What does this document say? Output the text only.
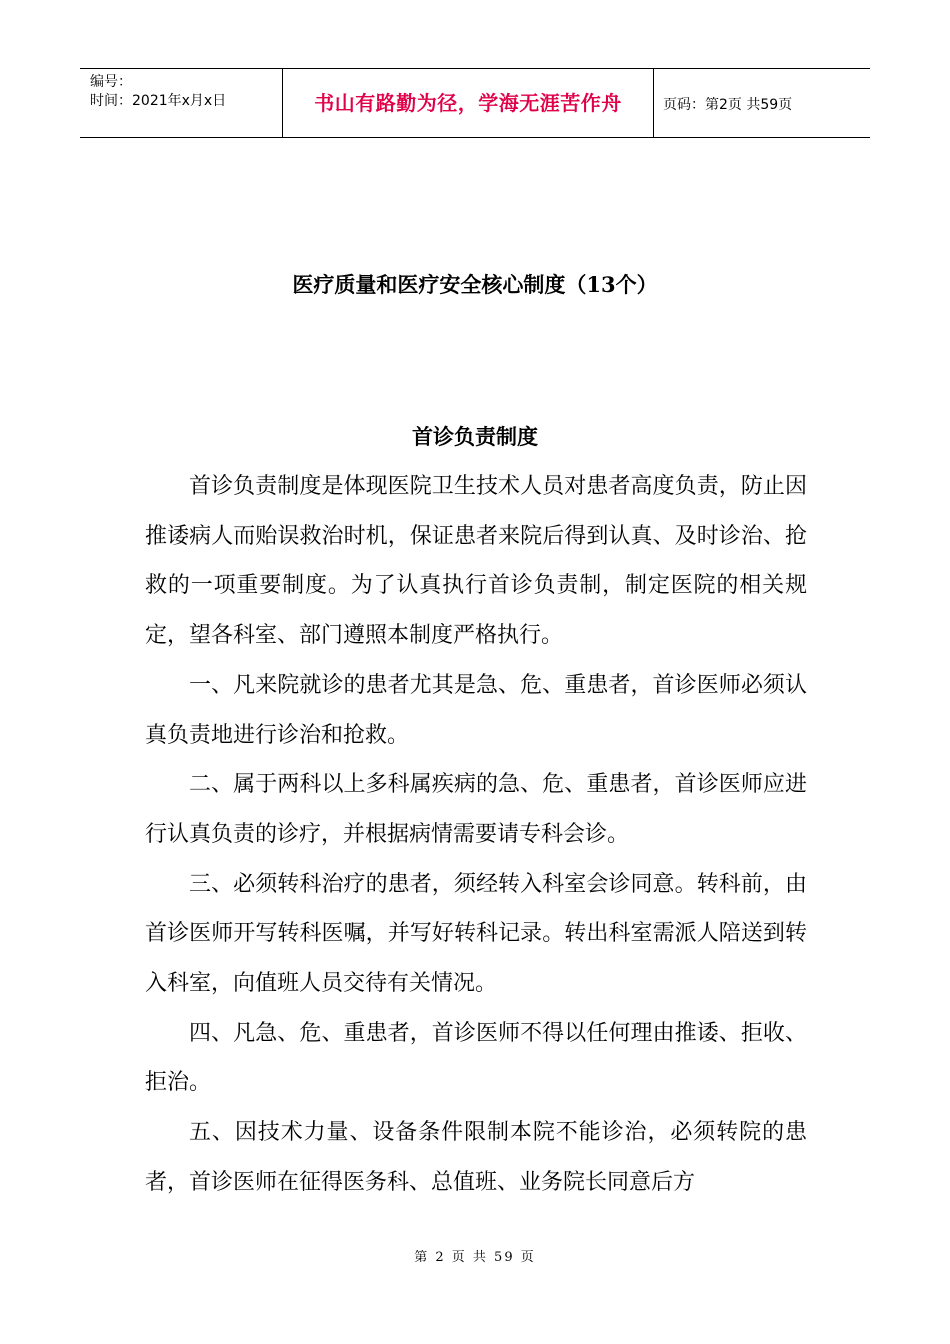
编号：
时间：2021年x月x日	书山有路勤为径，学海无涯苦作舟	页码：第2页 共59页
医疗质量和医疗安全核心制度（13个）
首诊负责制度

首诊负责制度是体现医院卫生技术人员对患者高度负责，防止因推诿病人而贻误救治时机，保证患者来院后得到认真、及时诊治、抢救的一项重要制度。为了认真执行首诊负责制，制定医院的相关规定，望各科室、部门遵照本制度严格执行。

一、凡来院就诊的患者尤其是急、危、重患者，首诊医师必须认真负责地进行诊治和抢救。

二、属于两科以上多科属疾病的急、危、重患者，首诊医师应进行认真负责的诊疗，并根据病情需要请专科会诊。

三、必须转科治疗的患者，须经转入科室会诊同意。转科前，由首诊医师开写转科医嘱，并写好转科记录。转出科室需派人陪送到转入科室，向值班人员交待有关情况。

四、凡急、危、重患者，首诊医师不得以任何理由推诿、拒收、拒治。

五、因技术力量、设备条件限制本院不能诊治，必须转院的患者，首诊医师在征得医务科、总值班、业务院长同意后方

第 2 页 共 59 页
